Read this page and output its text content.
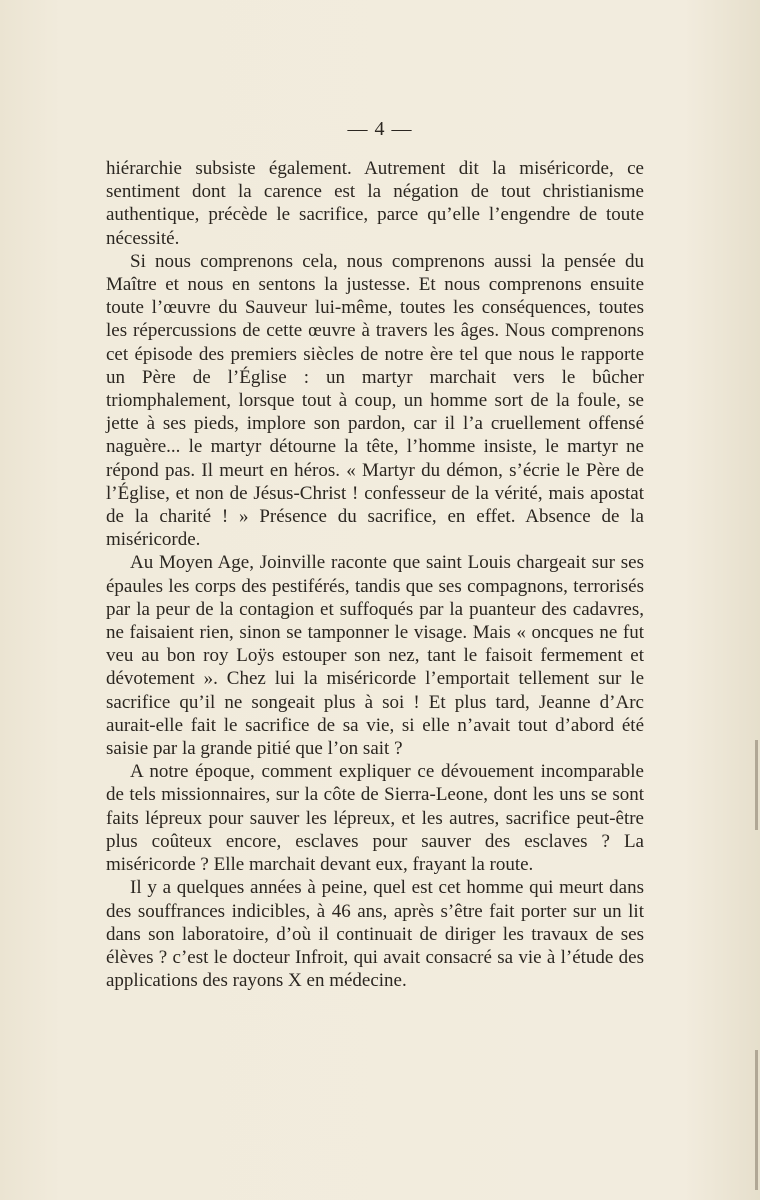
— 4 —

hiérarchie subsiste également. Autrement dit la miséricorde, ce sentiment dont la carence est la négation de tout christianisme authentique, précède le sacrifice, parce qu’elle l’engendre de toute nécessité.

Si nous comprenons cela, nous comprenons aussi la pensée du Maître et nous en sentons la justesse. Et nous comprenons ensuite toute l’œuvre du Sauveur lui-même, toutes les conséquences, toutes les répercussions de cette œuvre à travers les âges. Nous comprenons cet épisode des premiers siècles de notre ère tel que nous le rapporte un Père de l’Église : un martyr marchait vers le bûcher triomphalement, lorsque tout à coup, un homme sort de la foule, se jette à ses pieds, implore son pardon, car il l’a cruellement offensé naguère... le martyr détourne la tête, l’homme insiste, le martyr ne répond pas. Il meurt en héros. « Martyr du démon, s’écrie le Père de l’Église, et non de Jésus-Christ ! confesseur de la vérité, mais apostat de la charité ! » Présence du sacrifice, en effet. Absence de la miséricorde.

Au Moyen Age, Joinville raconte que saint Louis chargeait sur ses épaules les corps des pestiférés, tandis que ses compagnons, terrorisés par la peur de la contagion et suffoqués par la puanteur des cadavres, ne faisaient rien, sinon se tamponner le visage. Mais « oncques ne fut veu au bon roy Loÿs estouper son nez, tant le faisoit fermement et dévotement ». Chez lui la miséricorde l’emportait tellement sur le sacrifice qu’il ne songeait plus à soi ! Et plus tard, Jeanne d’Arc aurait-elle fait le sacrifice de sa vie, si elle n’avait tout d’abord été saisie par la grande pitié que l’on sait ?

A notre époque, comment expliquer ce dévouement incomparable de tels missionnaires, sur la côte de Sierra-Leone, dont les uns se sont faits lépreux pour sauver les lépreux, et les autres, sacrifice peut-être plus coûteux encore, esclaves pour sauver des esclaves ? La miséricorde ? Elle marchait devant eux, frayant la route.

Il y a quelques années à peine, quel est cet homme qui meurt dans des souffrances indicibles, à 46 ans, après s’être fait porter sur un lit dans son laboratoire, d’où il continuait de diriger les travaux de ses élèves ? c’est le docteur Infroit, qui avait consacré sa vie à l’étude des applications des rayons X en médecine.
